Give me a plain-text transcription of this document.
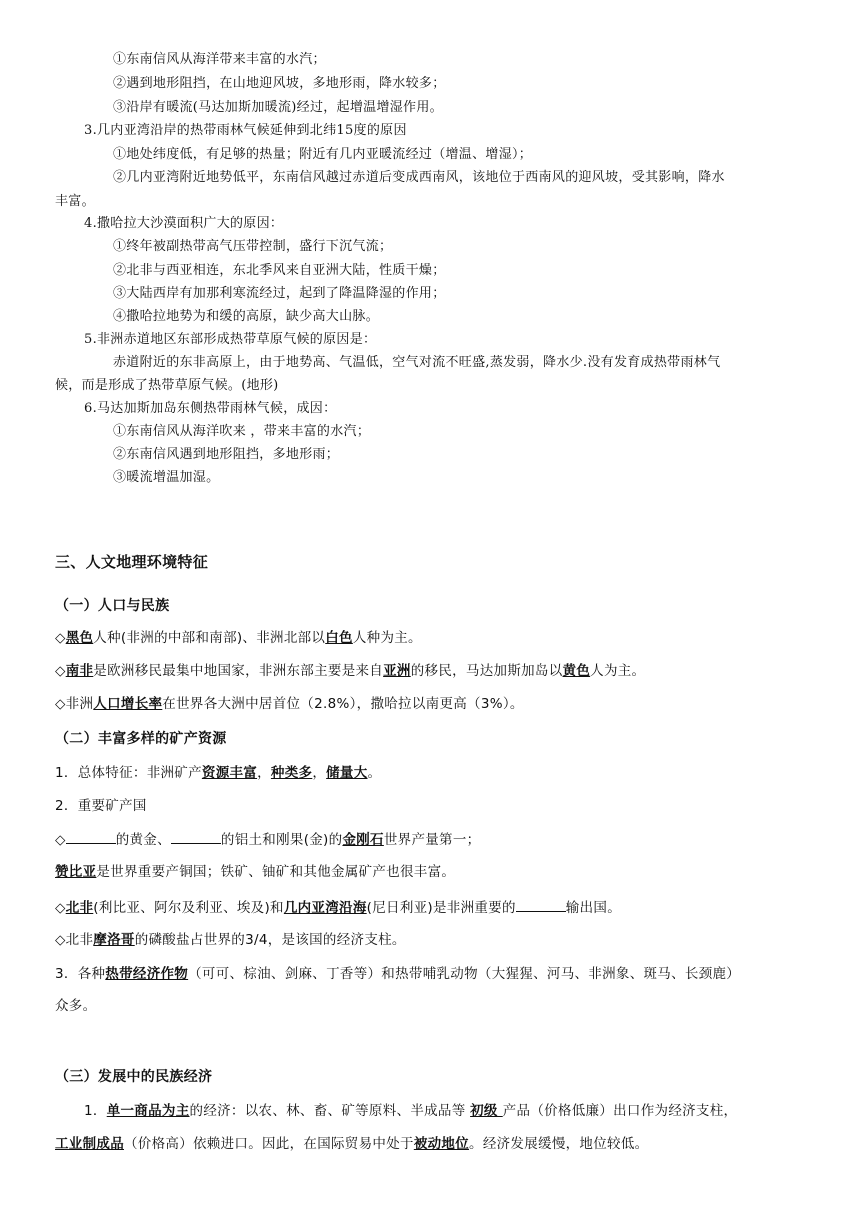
①东南信风从海洋带来丰富的水汽；
②遇到地形阻挡，在山地迎风坡，多地形雨，降水较多；
③沿岸有暖流(马达加斯加暖流)经过，起增温增湿作用。
3.几内亚湾沿岸的热带雨林气候延伸到北纬15度的原因
①地处纬度低，有足够的热量；附近有几内亚暖流经过（增温、增湿）；
②几内亚湾附近地势低平，东南信风越过赤道后变成西南风，该地位于西南风的迎风坡，受其影响，降水
丰富。
4.撒哈拉大沙漠面积广大的原因：
①终年被副热带高气压带控制，盛行下沉气流；
②北非与西亚相连，东北季风来自亚洲大陆，性质干燥；
③大陆西岸有加那利寒流经过，起到了降温降湿的作用；
④撒哈拉地势为和缓的高原，缺少高大山脉。
5.非洲赤道地区东部形成热带草原气候的原因是：
赤道附近的东非高原上，由于地势高、气温低，空气对流不旺盛,蒸发弱，降水少.没有发育成热带雨林气
候，而是形成了热带草原气候。(地形)
6.马达加斯加岛东侧热带雨林气候，成因：
①东南信风从海洋吹来 ，带来丰富的水汽；
②东南信风遇到地形阻挡，多地形雨；
③暖流增温加湿。
三、人文地理环境特征
（一）人口与民族
◇黑色人种(非洲的中部和南部)、非洲北部以白色人种为主。
◇南非是欧洲移民最集中地国家，非洲东部主要是来自亚洲的移民，马达加斯加岛以黄色人为主。
◇非洲人口增长率在世界各大洲中居首位（2.8%），撒哈拉以南更高（3%）。
（二）丰富多样的矿产资源
1．总体特征：非洲矿产资源丰富，种类多，储量大。
2．重要矿产国
◇	的黄金、	的铝土和刚果(金)的金刚石世界产量第一；
赞比亚是世界重要产铜国；铁矿、铀矿和其他金属矿产也很丰富。
◇北非(利比亚、阿尔及利亚、埃及)和几内亚湾沿海(尼日利亚)是非洲重要的	输出国。
◇北非摩洛哥的磷酸盐占世界的3/4，是该国的经济支柱。
3．各种热带经济作物（可可、棕油、剑麻、丁香等）和热带哺乳动物（大猩猩、河马、非洲象、斑马、长颈鹿）
众多。
（三）发展中的民族经济
1．单一商品为主的经济：以农、林、畜、矿等原料、半成品等 初级 产品（价格低廉）出口作为经济支柱，
工业制成品（价格高）依赖进口。因此，在国际贸易中处于被动地位。经济发展缓慢，地位较低。
